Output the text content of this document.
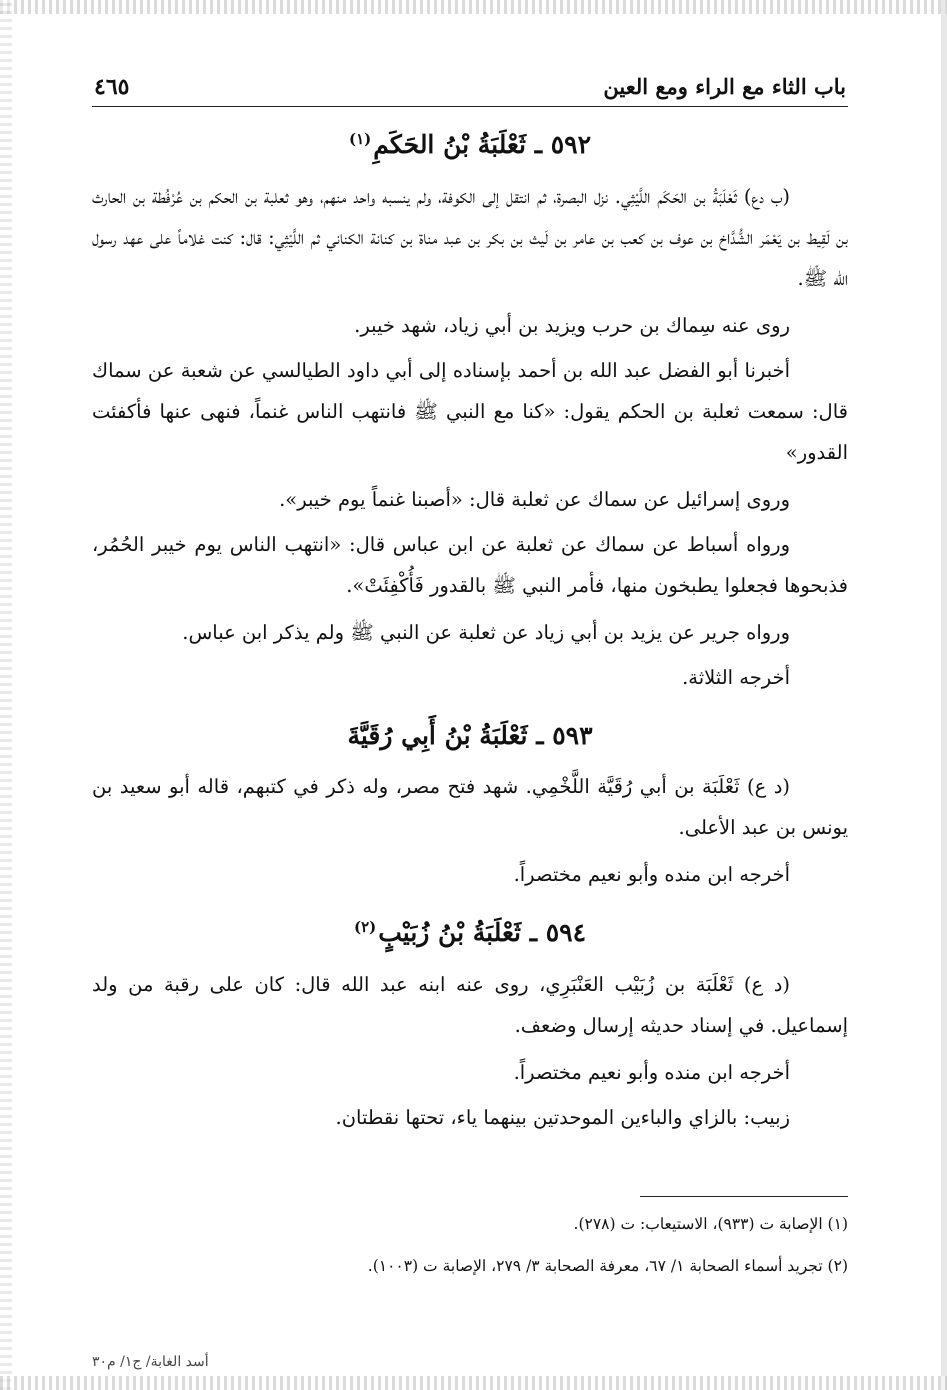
باب الثاء مع الراء ومع العين
٤٦٥
٥٩٢ ـ ثَعْلَبَةُ بْنُ الحَكَمِ$^{(١)}$

(ب دع) ثَعْلَبَةُ بن الحَكَم اللَّيْثِي. نزل البصرة، ثم انتقل إلى الكوفة، ولم ينسبه واحد منهم، وهو ثعلبة بن الحكم بن عُرْفُطة بن الحارث بن لَقِيط بن يَعْمَر الشُّدَّاخ بن عوف بن كعب بن عامر بن لَيث بن بكر بن عبد مناة بن كنانة الكناني ثم اللَّيْثِي: قال: كنت غلاماً على عهد رسول الله ﷺ.

روى عنه سِماك بن حرب ويزيد بن أبي زياد، شهد خيبر.

أخبرنا أبو الفضل عبد الله بن أحمد بإسناده إلى أبي داود الطيالسي عن شعبة عن سماك قال: سمعت ثعلبة بن الحكم يقول: «كنا مع النبي ﷺ فانتهب الناس غنماً، فنهى عنها فأكفئت القدور»

وروى إسرائيل عن سماك عن ثعلبة قال: «أصبنا غنماً يوم خيبر».

ورواه أسباط عن سماك عن ثعلبة عن ابن عباس قال: «انتهب الناس يوم خيبر الحُمُر، فذبحوها فجعلوا يطبخون منها، فأمر النبي ﷺ بالقدور فَأُكْفِئَتْ».

ورواه جرير عن يزيد بن أبي زياد عن ثعلبة عن النبي ﷺ ولم يذكر ابن عباس.

أخرجه الثلاثة.

٥٩٣ ـ ثَعْلَبَةُ بْنُ أَبِي رُقَيَّةَ

(د ع) ثَعْلَبَة بن أبي رُقَيَّة اللَّخْمِي. شهد فتح مصر، وله ذكر في كتبهم، قاله أبو سعيد بن يونس بن عبد الأعلى.

أخرجه ابن منده وأبو نعيم مختصراً.

٥٩٤ ـ ثَعْلَبَةُ بْنُ زُبَيْبٍ$^{(٢)}$

(د ع) ثَعْلَبَة بن زُبَيْب العَنْبَرِي، روى عنه ابنه عبد الله قال: كان على رقبة من ولد إسماعيل. في إسناد حديثه إرسال وضعف.

أخرجه ابن منده وأبو نعيم مختصراً.

زبيب: بالزاي والباءين الموحدتين بينهما ياء، تحتها نقطتان.

(١) الإصابة ت (٩٣٣)، الاستيعاب: ت (٢٧٨).

(٢) تجريد أسماء الصحابة ١/ ٦٧، معرفة الصحابة ٣/ ٢٧٩، الإصابة ت (١٠٠٣).

أسد الغابة/ ج١/ م٣٠
